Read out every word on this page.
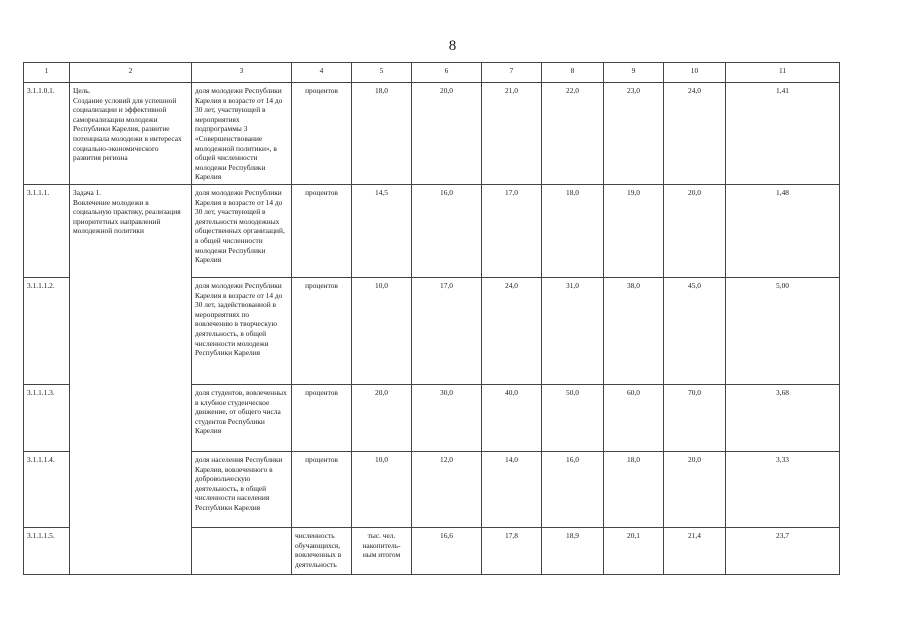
8
1	2	3	4	5	6	7	8	9	10	11	
3.1.1.0.1.	Цель.
Создание условий для успешной социализации и эффективной самореализации молодежи Республики Карелия, развитие потенциала молодежи в интересах социально-экономического развития региона	доля молодежи Республики Карелия в возрасте от 14 до 30 лет, участвующей в мероприятиях подпрограммы 3 «Совершенствование молодежной политики», в общей численности молодежи Республики Карелия	процентов	18,0	20,0	21,0	22,0	23,0	24,0	1,41	
3.1.1.1.	Задача 1.
Вовлечение молодежи в социальную практику, реализация приоритетных направлений молодежной политики	доля молодежи Республики Карелия в возрасте от 14 до 30 лет, участвующей в деятельности молодежных общественных организаций, в общей численности молодежи Республики Карелия	процентов	14,5	16,0	17,0	18,0	19,0	20,0	1,48	
3.1.1.1.2.		доля молодежи Республики Карелия в возрасте от 14 до 30 лет, задействованной в мероприятиях по вовлечению в творческую деятельность, в общей численности молодежи Республики Карелия	процентов	10,0	17,0	24,0	31,0	38,0	45,0	5,00	
3.1.1.1.3.		доля студентов, вовлеченных в клубное студенческое движение, от общего числа студентов Республики Карелия	процентов	20,0	30,0	40,0	50,0	60,0	70,0	3,68	
3.1.1.1.4.		доля населения Республики Карелия, вовлеченного в добровольческую деятельность, в общей численности населения Республики Карелия	процентов	10,0	12,0	14,0	16,0	18,0	20,0	3,33	
3.1.1.1.5.			численность обучающихся, вовлеченных в деятельность	тыс. чел.
накопитель-
ным итогом	16,6	17,8	18,9	20,1	21,4	23,7	
